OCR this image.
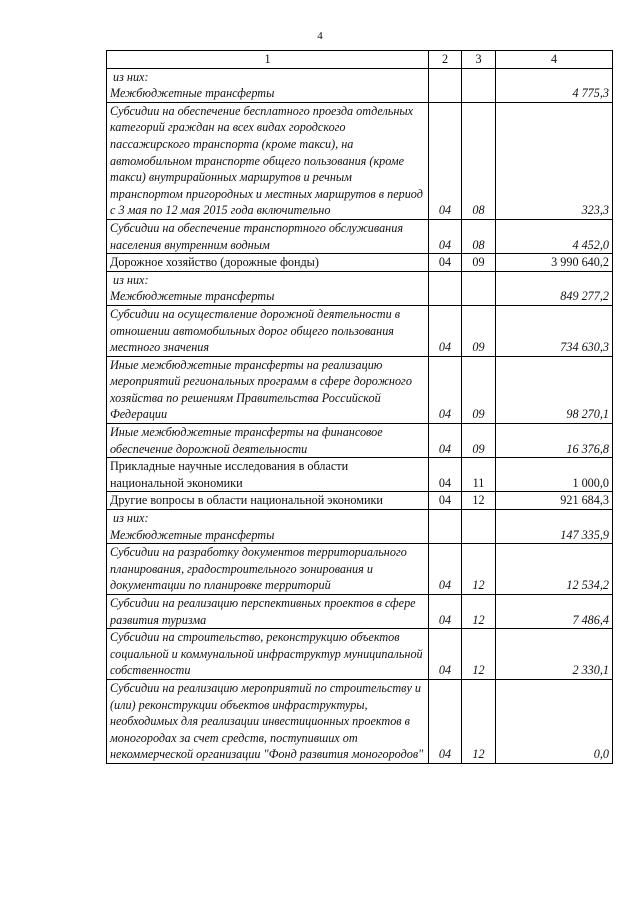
4
1	2	3	4

из них:
Межбюджетные трансферты			4 775,3
Субсидии на обеспечение бесплатного проезда отдельных категорий граждан на всех видах городского пассажирского транспорта (кроме такси), на автомобильном транспорте общего пользования (кроме такси) внутрирайонных маршрутов и речным транспортом пригородных и местных маршрутов в период с 3 мая по 12 мая 2015 года включительно	04	08	323,3
Субсидии на обеспечение транспортного обслуживания населения внутренним водным	04	08	4 452,0
Дорожное хозяйство (дорожные фонды)	04	09	3 990 640,2

из них:
Межбюджетные трансферты			849 277,2
Субсидии на осуществление дорожной деятельности в отношении автомобильных дорог общего пользования местного значения	04	09	734 630,3
Иные межбюджетные трансферты на реализацию мероприятий региональных программ в сфере дорожного хозяйства по решениям Правительства Российской Федерации	04	09	98 270,1
Иные межбюджетные трансферты на финансовое обеспечение дорожной деятельности	04	09	16 376,8
Прикладные научные исследования в области национальной экономики	04	11	1 000,0
Другие вопросы в области национальной экономики	04	12	921 684,3

из них:
Межбюджетные трансферты			147 335,9
Субсидии на разработку документов территориального планирования, градостроительного зонирования и документации по планировке территорий	04	12	12 534,2
Субсидии на реализацию перспективных проектов в сфере развития туризма	04	12	7 486,4
Субсидии на строительство, реконструкцию объектов социальной и коммунальной инфраструктур муниципальной собственности	04	12	2 330,1
Субсидии на реализацию мероприятий по строительству и (или) реконструкции объектов инфраструктуры, необходимых для реализации инвестиционных проектов в моногородах за счет средств, поступивших от некоммерческой организации "Фонд развития моногородов"	04	12	0,0
